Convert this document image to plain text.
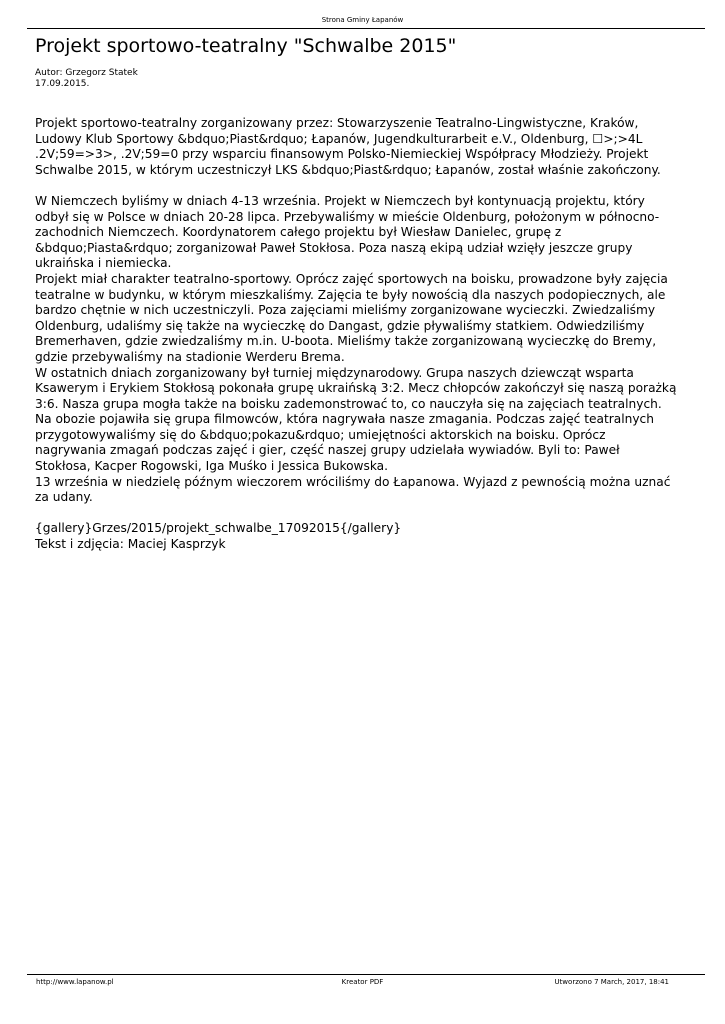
Strona Gminy Łapanów
Projekt sportowo-teatralny "Schwalbe 2015"
Autor: Grzegorz Statek
17.09.2015.

Projekt sportowo-teatralny zorganizowany przez: Stowarzyszenie Teatralno-Lingwistyczne, Kraków,

Ludowy Klub Sportowy &bdquo;Piast&rdquo; Łapanów, Jugendkulturarbeit e.V., Oldenburg, ☐>;>4L

.2V;59=>3>, .2V;59=0 przy wsparciu finansowym Polsko-Niemieckiej Współpracy Młodzieży. Projekt

Schwalbe 2015, w którym uczestniczył LKS &bdquo;Piast&rdquo; Łapanów, został właśnie zakończony.

W Niemczech byliśmy w dniach 4-13 września. Projekt w Niemczech był kontynuacją projektu, który

odbył się w Polsce w dniach 20-28 lipca. Przebywaliśmy w mieście Oldenburg, położonym w północno-

zachodnich Niemczech. Koordynatorem całego projektu był Wiesław Danielec, grupę z

&bdquo;Piasta&rdquo; zorganizował Paweł Stokłosa. Poza naszą ekipą udział wzięły jeszcze grupy

ukraińska i niemiecka.

Projekt miał charakter teatralno-sportowy. Oprócz zajęć sportowych na boisku, prowadzone były zajęcia

teatralne w budynku, w którym mieszkaliśmy. Zajęcia te były nowością dla naszych podopiecznych, ale

bardzo chętnie w nich uczestniczyli. Poza zajęciami mieliśmy zorganizowane wycieczki. Zwiedzaliśmy

Oldenburg, udaliśmy się także na wycieczkę do Dangast, gdzie pływaliśmy statkiem. Odwiedziliśmy

Bremerhaven, gdzie zwiedzaliśmy m.in. U-boota. Mieliśmy także zorganizowaną wycieczkę do Bremy,

gdzie przebywaliśmy na stadionie Werderu Brema.

W ostatnich dniach zorganizowany był turniej międzynarodowy. Grupa naszych dziewcząt wsparta

Ksawerym i Erykiem Stokłosą pokonała grupę ukraińską 3:2. Mecz chłopców zakończył się naszą porażką

3:6. Nasza grupa mogła także na boisku zademonstrować to, co nauczyła się na zajęciach teatralnych.

Na obozie pojawiła się grupa filmowców, która nagrywała nasze zmagania. Podczas zajęć teatralnych

przygotowywaliśmy się do &bdquo;pokazu&rdquo; umiejętności aktorskich na boisku. Oprócz

nagrywania zmagań podczas zajęć i gier, część naszej grupy udzielała wywiadów. Byli to: Paweł

Stokłosa, Kacper Rogowski, Iga Muśko i Jessica Bukowska.

13 września w niedzielę późnym wieczorem wróciliśmy do Łapanowa. Wyjazd z pewnością można uznać

za udany.

{gallery}Grzes/2015/projekt_schwalbe_17092015{/gallery}

Tekst i zdjęcia: Maciej Kasprzyk

http://www.lapanow.pl	Kreator PDF	Utworzono 7 March, 2017, 18:41
